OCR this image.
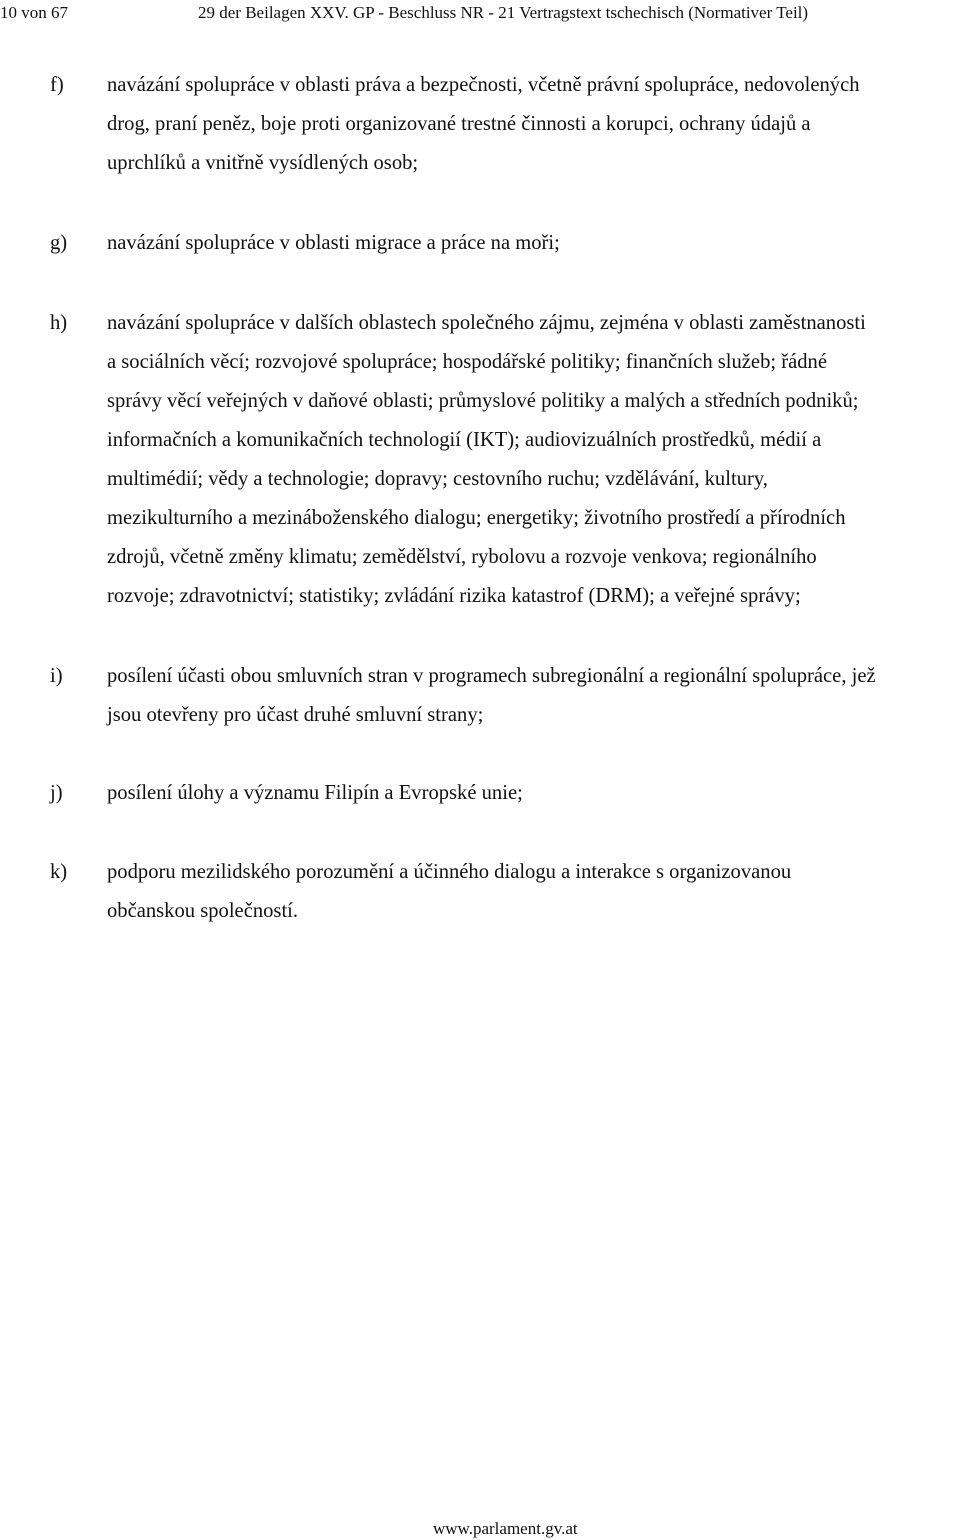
10 von 67	29 der Beilagen XXV. GP - Beschluss NR - 21 Vertragstext tschechisch (Normativer Teil)
f) navázání spolupráce v oblasti práva a bezpečnosti, včetně právní spolupráce, nedovolených
drog, praní peněz, boje proti organizované trestné činnosti a korupci, ochrany údajů a
uprchlíků a vnitřně vysídlených osob;
g) navázání spolupráce v oblasti migrace a práce na moři;
h) navázání spolupráce v dalších oblastech společného zájmu, zejména v oblasti zaměstnanosti
a sociálních věcí; rozvojové spolupráce; hospodářské politiky; finančních služeb; řádné
správy věcí veřejných v daňové oblasti; průmyslové politiky a malých a středních podniků;
informačních a komunikačních technologií (IKT); audiovizuálních prostředků, médií a
multimédií; vědy a technologie; dopravy; cestovního ruchu; vzdělávání, kultury,
mezikulturního a mezináboženského dialogu; energetiky; životního prostředí a přírodních
zdrojů, včetně změny klimatu; zemědělství, rybolovu a rozvoje venkova; regionálního
rozvoje; zdravotnictví; statistiky; zvládání rizika katastrof (DRM); a veřejné správy;
i) posílení účasti obou smluvních stran v programech subregionální a regionální spolupráce, jež
jsou otevřeny pro účast druhé smluvní strany;
j) posílení úlohy a významu Filipín a Evropské unie;
k) podporu mezilidského porozumění a účinného dialogu a interakce s organizovanou
občanskou společností.
www.parlament.gv.at
